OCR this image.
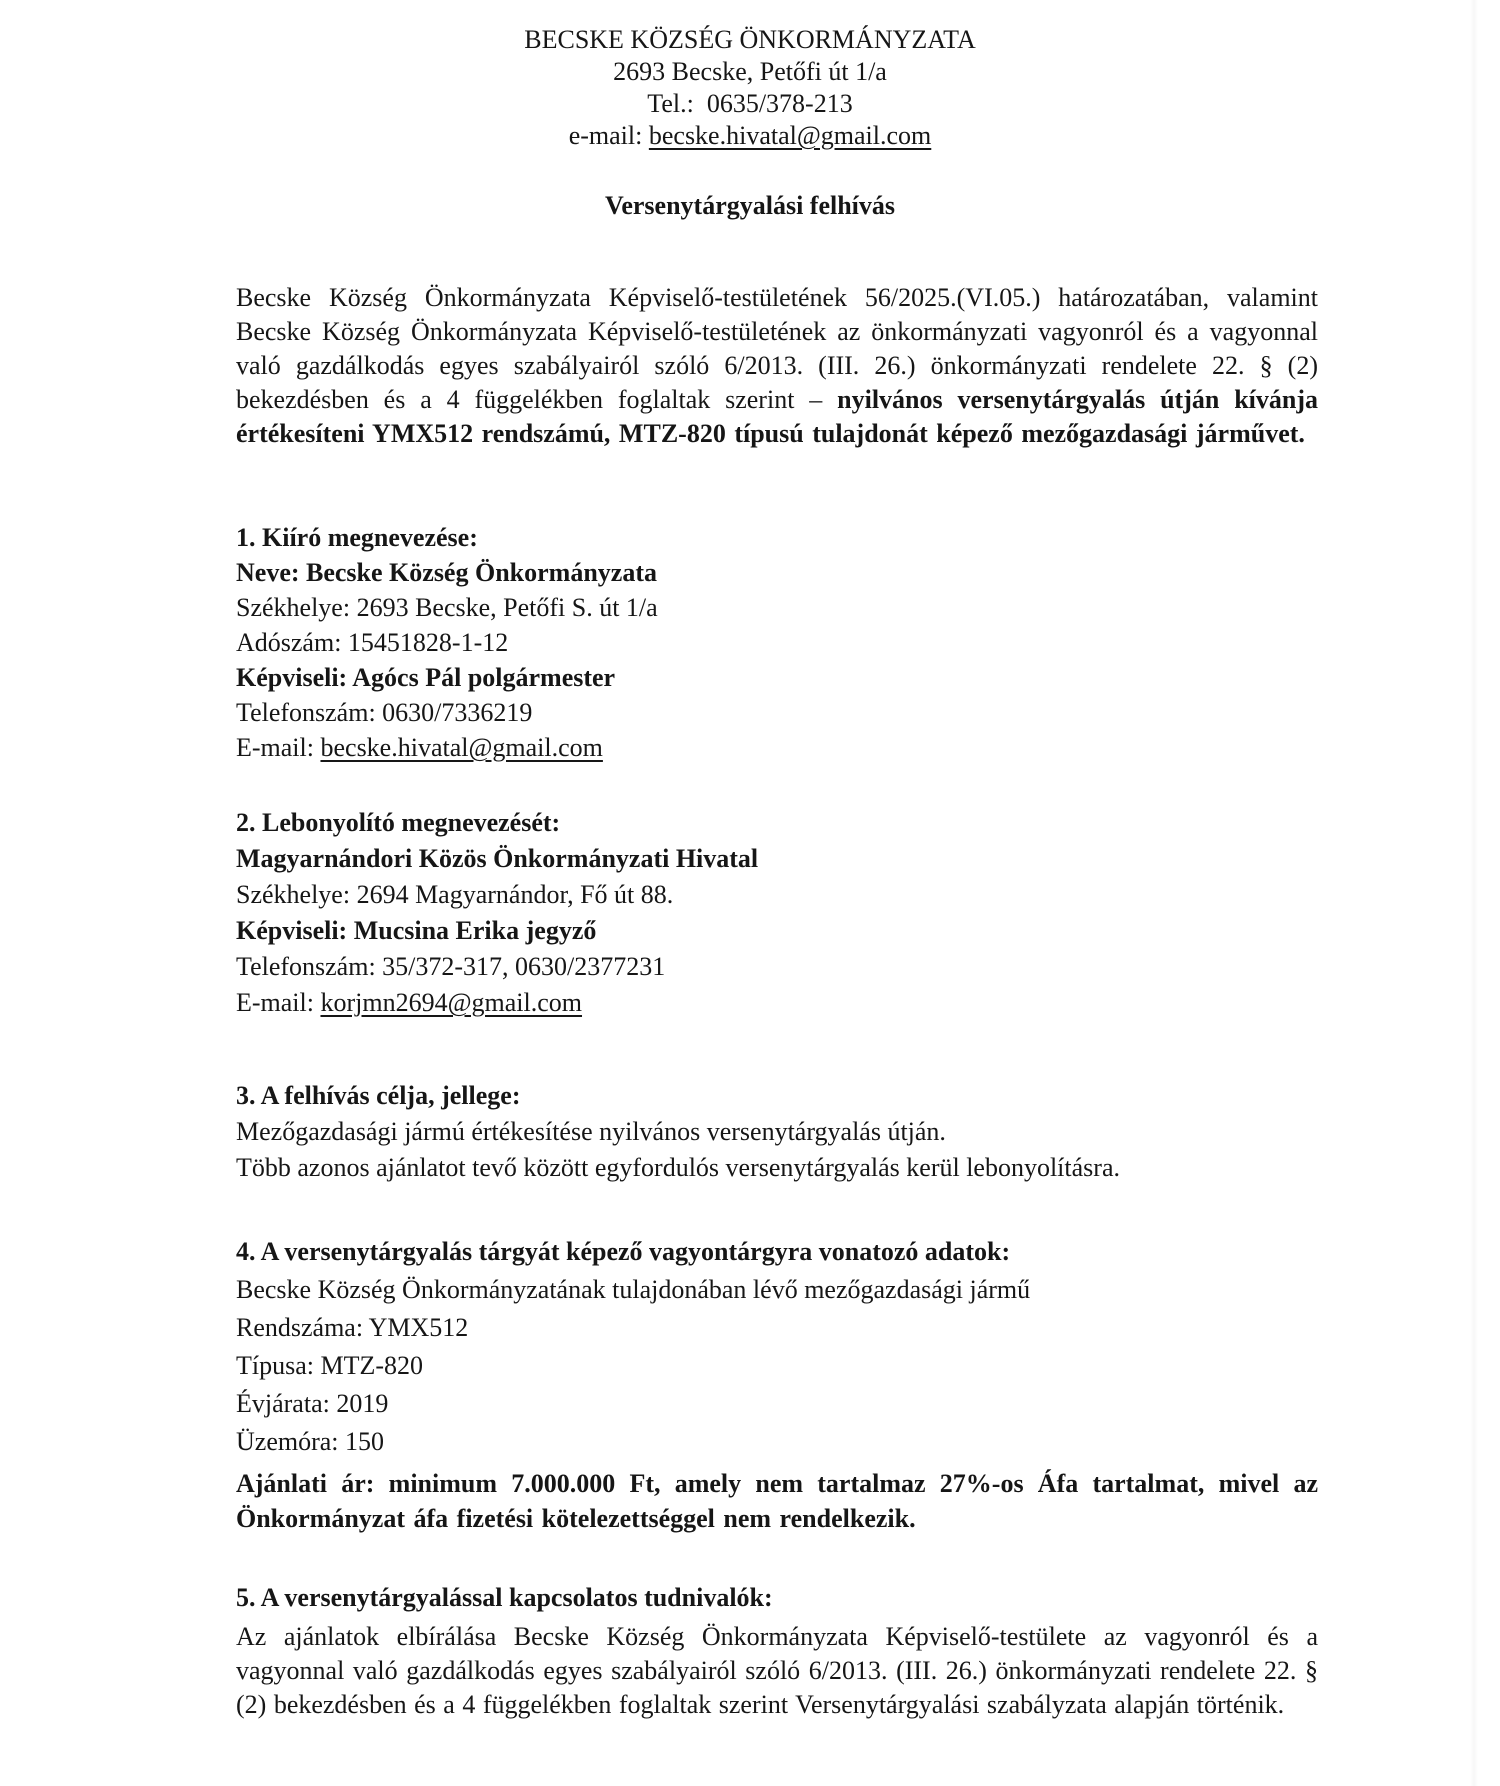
BECSKE KÖZSÉG ÖNKORMÁNYZATA
2693 Becske, Petőfi út 1/a
Tel.:  0635/378-213
e-mail: becske.hivatal@gmail.com
Versenytárgyalási felhívás

Becske Község Önkormányzata Képviselő-testületének 56/2025.(VI.05.) határozatában, valamint Becske Község Önkormányzata Képviselő-testületének az önkormányzati vagyonról és a vagyonnal való gazdálkodás egyes szabályairól szóló 6/2013. (III. 26.) önkormányzati rendelete 22. § (2) bekezdésben és a 4 függelékben foglaltak szerint – nyilvános versenytárgyalás útján kívánja értékesíteni YMX512 rendszámú, MTZ-820 típusú tulajdonát képező mezőgazdasági járművet.

1. Kiíró megnevezése:
Neve: Becske Község Önkormányzata
Székhelye: 2693 Becske, Petőfi S. út 1/a
Adószám: 15451828-1-12
Képviseli: Agócs Pál polgármester
Telefonszám: 0630/7336219
E-mail: becske.hivatal@gmail.com
2. Lebonyolító megnevezését:
Magyarnándori Közös Önkormányzati Hivatal
Székhelye: 2694 Magyarnándor, Fő út 88.
Képviseli: Mucsina Erika jegyző
Telefonszám: 35/372-317, 0630/2377231
E-mail: korjmn2694@gmail.com
3. A felhívás célja, jellege:
Mezőgazdasági jármú értékesítése nyilvános versenytárgyalás útján.
Több azonos ajánlatot tevő között egyfordulós versenytárgyalás kerül lebonyolításra.
4. A versenytárgyalás tárgyát képező vagyontárgyra vonatozó adatok:
Becske Község Önkormányzatának tulajdonában lévő mezőgazdasági jármű
Rendszáma: YMX512
Típusa: MTZ-820
Évjárata: 2019
Üzemóra: 150

Ajánlati ár: minimum 7.000.000 Ft, amely nem tartalmaz 27%-os Áfa tartalmat, mivel az Önkormányzat áfa fizetési kötelezettséggel nem rendelkezik.

5. A versenytárgyalással kapcsolatos tudnivalók:

Az ajánlatok elbírálása Becske Község Önkormányzata Képviselő-testülete az vagyonról és a vagyonnal való gazdálkodás egyes szabályairól szóló 6/2013. (III. 26.) önkormányzati rendelete 22. § (2) bekezdésben és a 4 függelékben foglaltak szerint Versenytárgyalási szabályzata alapján történik.
